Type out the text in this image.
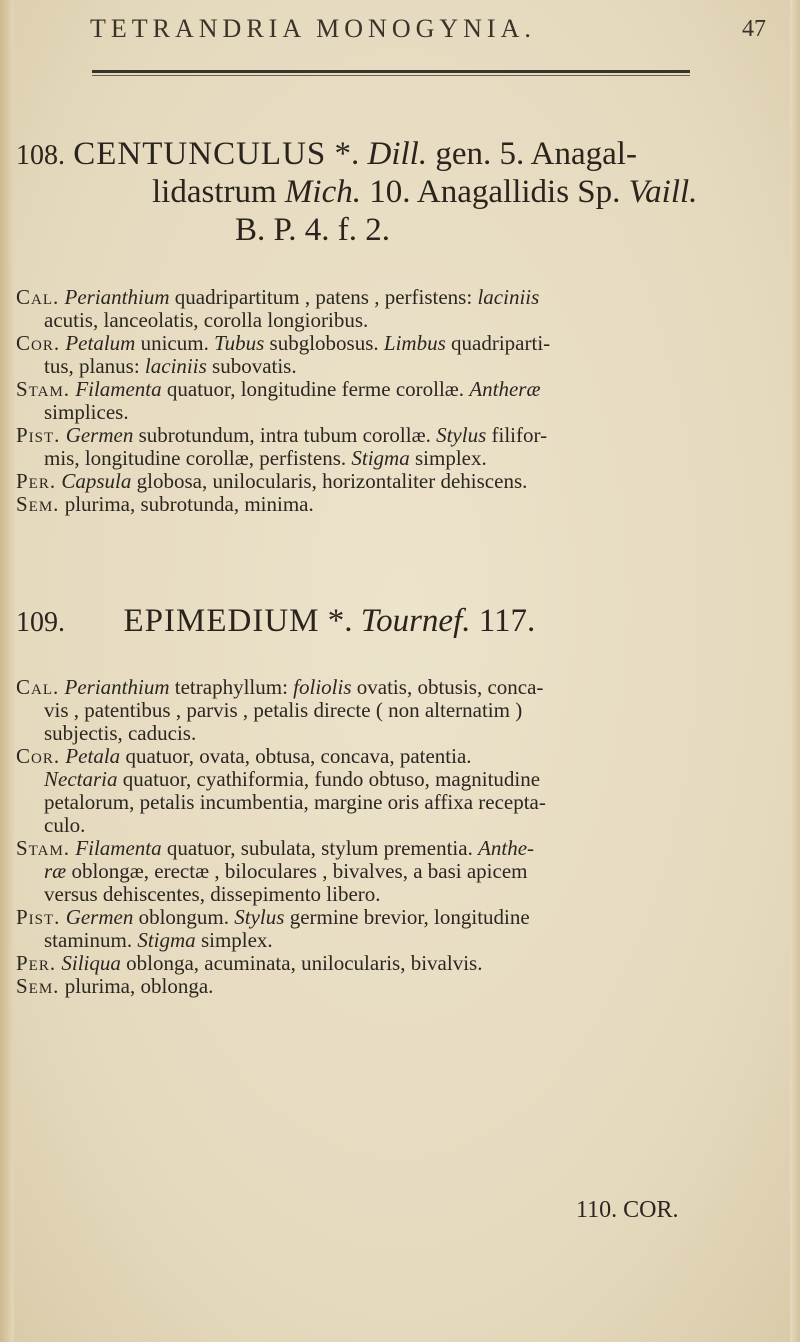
TETRANDRIA MONOGYNIA.	47
108. CENTUNCULUS *. Dill. gen. 5. Anagal-
lidastrum Mich. 10. Anagallidis Sp. Vaill.
B. P. 4. f. 2.
Cal. Perianthium quadripartitum , patens , perfistens: laciniis
acutis, lanceolatis, corolla longioribus.
Cor. Petalum unicum. Tubus subglobosus. Limbus quadriparti-
tus, planus: laciniis subovatis.
Stam. Filamenta quatuor, longitudine ferme corollæ. Antheræ
simplices.
Pist. Germen subrotundum, intra tubum corollæ. Stylus filifor-
mis, longitudine corollæ, perfistens. Stigma simplex.
Per. Capsula globosa, unilocularis, horizontaliter dehiscens.
Sem. plurima, subrotunda, minima.
109. EPIMEDIUM *. Tournef. 117.
Cal. Perianthium tetraphyllum: foliolis ovatis, obtusis, conca-
vis , patentibus , parvis , petalis directe ( non alternatim )
subjectis, caducis.
Cor. Petala quatuor, ovata, obtusa, concava, patentia.
Nectaria quatuor, cyathiformia, fundo obtuso, magnitudine
petalorum, petalis incumbentia, margine oris affixa recepta-
culo.
Stam. Filamenta quatuor, subulata, stylum prementia. Anthe-
ræ oblongæ, erectæ , biloculares , bivalves, a basi apicem
versus dehiscentes, dissepimento libero.
Pist. Germen oblongum. Stylus germine brevior, longitudine
staminum. Stigma simplex.
Per. Siliqua oblonga, acuminata, unilocularis, bivalvis.
Sem. plurima, oblonga.
110. COR.
